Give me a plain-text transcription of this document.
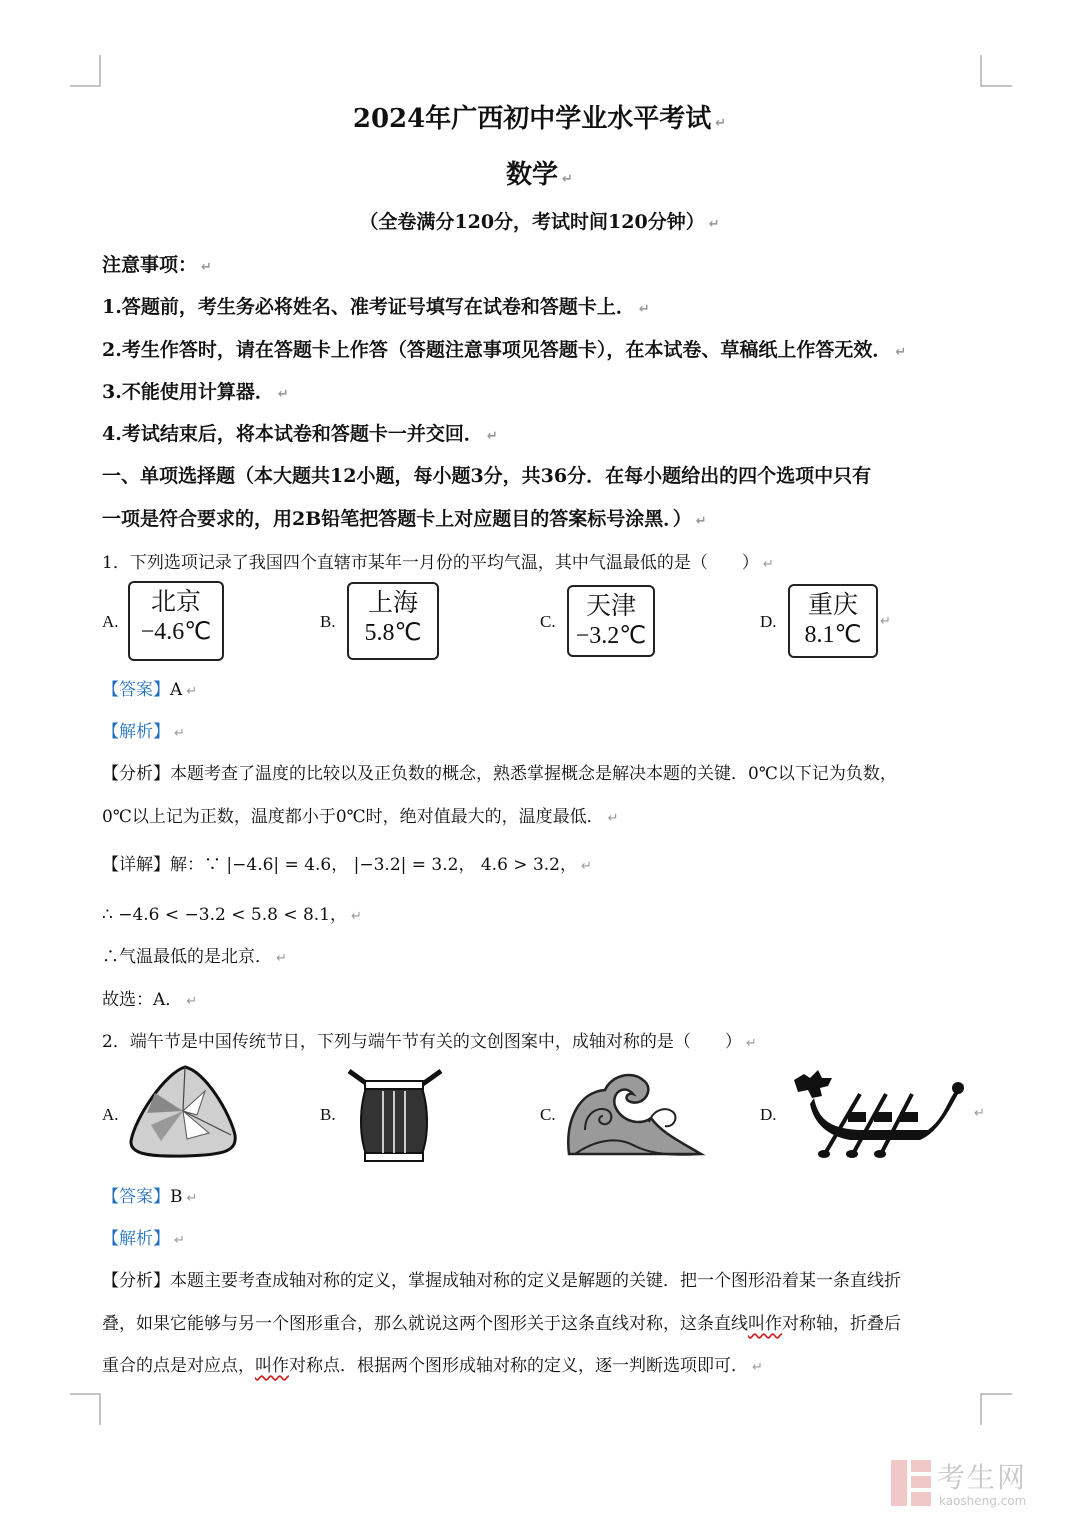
2024年广西初中学业水平考试 ↵
数学 ↵
（全卷满分120分，考试时间120分钟） ↵
注意事项： ↵
1.答题前，考生务必将姓名、准考证号填写在试卷和答题卡上． ↵
2.考生作答时，请在答题卡上作答（答题注意事项见答题卡），在本试卷、草稿纸上作答无效． ↵
3.不能使用计算器． ↵
4.考试结束后，将本试卷和答题卡一并交回． ↵
一、单项选择题（本大题共12小题，每小题3分，共36分．在每小题给出的四个选项中只有
一项是符合要求的，用2B铅笔把答题卡上对应题目的答案标号涂黑．） ↵
1．下列选项记录了我国四个直辖市某年一月份的平均气温，其中气温最低的是（　　） ↵
A.
北京
−4.6℃	B.
上海
5.8℃	C.
天津
−3.2℃
D.
重庆
8.1℃
↵
【答案】A ↵
【解析】 ↵
【分析】本题考查了温度的比较以及正负数的概念，熟悉掌握概念是解决本题的关键．0℃以下记为负数，
0℃以上记为正数，温度都小于0℃时，绝对值最大的，温度最低． ↵
【详解】解：∵ |−4.6| = 4.6， |−3.2| = 3.2， 4.6 > 3.2， ↵
∴ −4.6 < −3.2 < 5.8 < 8.1， ↵
∴气温最低的是北京． ↵
故选：A． ↵
2．端午节是中国传统节日，下列与端午节有关的文创图案中，成轴对称的是（　　） ↵
A.	B.	C.	D.	↵
【答案】B ↵
【解析】 ↵
【分析】本题主要考查成轴对称的定义，掌握成轴对称的定义是解题的关键．把一个图形沿着某一条直线折
叠，如果它能够与另一个图形重合，那么就说这两个图形关于这条直线对称，这条直线叫作对称轴，折叠后
重合的点是对应点，叫作对称点．根据两个图形成轴对称的定义，逐一判断选项即可． ↵
考生网
kaosheng.com
